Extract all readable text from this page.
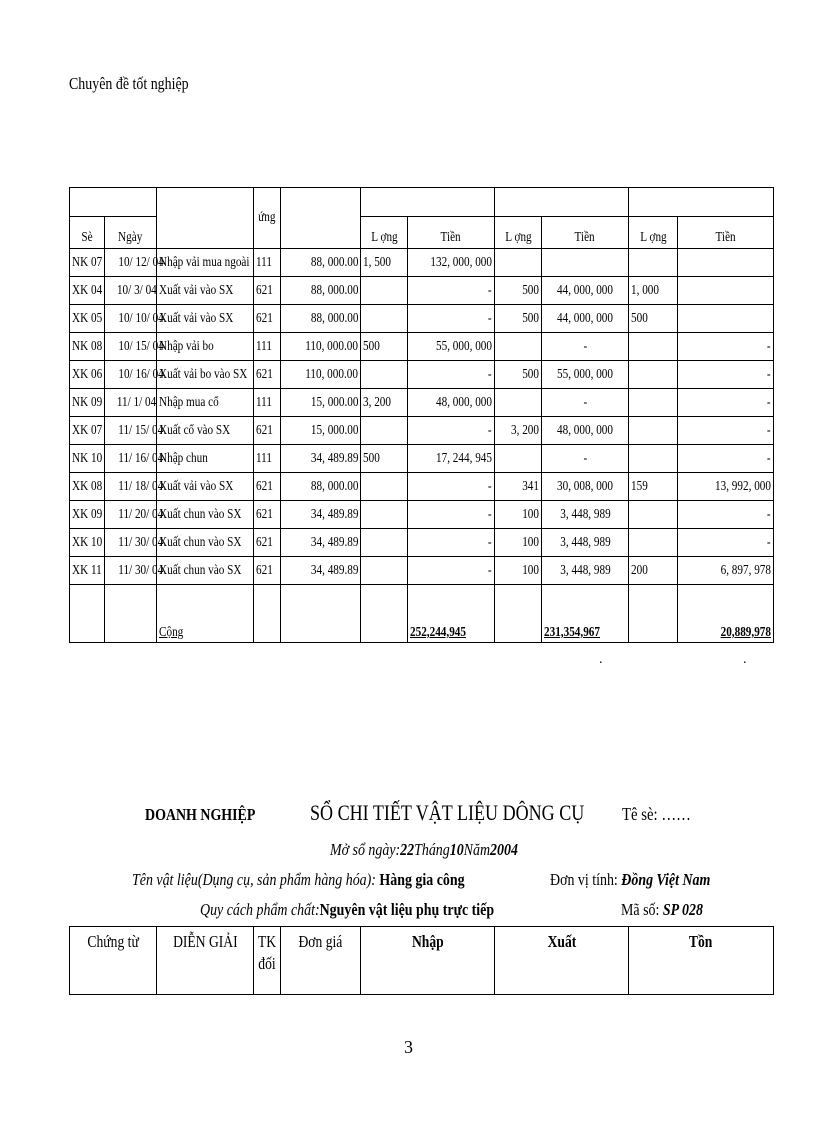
Chuyên đề tốt nghiệp
			ứng							
Sè	Ngày				L ợng	Tiền	L ợng	Tiền	L ợng	Tiền
NK 07	10/ 12/ 04	Nhập vải mua ngoài	111	88, 000.00	1, 500	132, 000, 000				
XK 04	10/ 3/ 04	Xuất vải vào SX	621	88, 000.00		-	500	44, 000, 000	1, 000	
XK 05	10/ 10/ 04	Xuất vải vào SX	621	88, 000.00		-	500	44, 000, 000	500	
NK 08	10/ 15/ 04	Nhập vải bo	111	110, 000.00	500	55, 000, 000		-		-
XK 06	10/ 16/ 04	Xuất vải bo vào SX	621	110, 000.00		-	500	55, 000, 000		-
NK 09	11/ 1/ 04	Nhập mua cổ	111	15, 000.00	3, 200	48, 000, 000		-		-
XK 07	11/ 15/ 04	Xuất cổ vào SX	621	15, 000.00		-	3, 200	48, 000, 000		-
NK 10	11/ 16/ 04	Nhập chun	111	34, 489.89	500	17, 244, 945		-		-
XK 08	11/ 18/ 04	Xuất vải vào SX	621	88, 000.00		-	341	30, 008, 000	159	13, 992, 000
XK 09	11/ 20/ 04	Xuất chun vào SX	621	34, 489.89		-	100	3, 448, 989		-
XK 10	11/ 30/ 04	Xuất chun vào SX	621	34, 489.89		-	100	3, 448, 989		-
XK 11	11/ 30/ 04	Xuất chun vào SX	621	34, 489.89		-	100	3, 448, 989	200	6, 897, 978
		Cộng				252,244,945		231,354,967		20,889,978
.	.
DOANH NGHIỆP	SỔ CHI TIẾT VẬT LIỆU DÔNG CỤ	Tê sè: ……
Mở sổ ngày:22Tháng10Năm2004
Tên vật liệu(Dụng cụ, sản phẩm hàng hóa): Hàng gia công	Đơn vị tính: Đồng Việt Nam
Quy cách phẩm chất:Nguyên vật liệu phụ trực tiếp	Mã số: SP 028
Chứng từ	DIỄN GIẢI	TK đối	Đơn giá	Nhập	Xuất	Tồn
3
